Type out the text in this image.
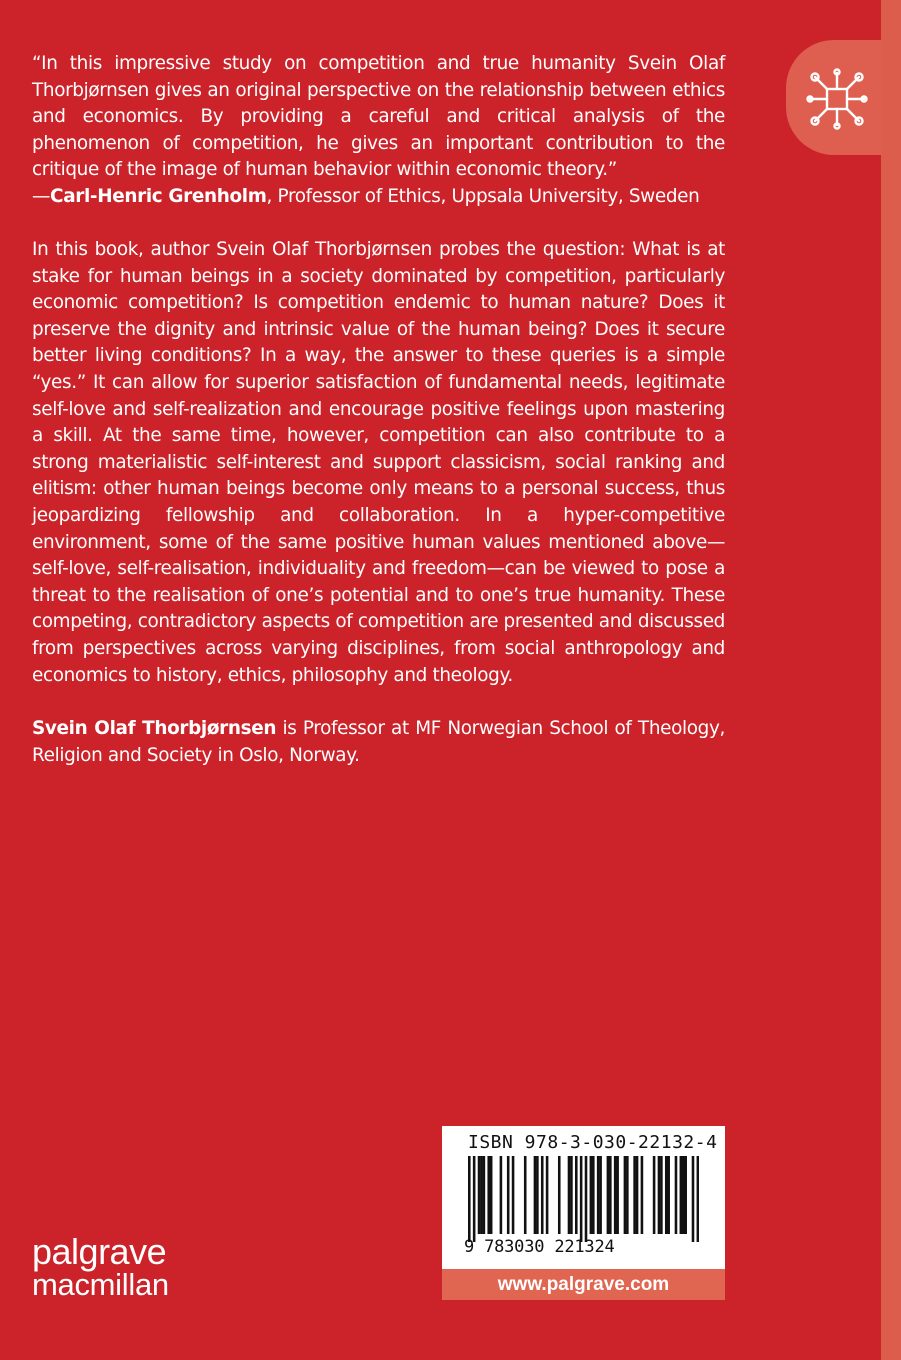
“In this impressive study on competition and true humanity Svein Olaf Thorbjørnsen gives an original perspective on the relationship between ethics and economics. By providing a careful and critical analysis of the phenomenon of competition, he gives an important contribution to the critique of the image of human behavior within economic theory.”
—Carl-Henric Grenholm, Professor of Ethics, Uppsala University, Sweden
In this book, author Svein Olaf Thorbjørnsen probes the question: What is at stake for human beings in a society dominated by competition, particularly economic competition? Is competition endemic to human nature? Does it preserve the dignity and intrinsic value of the human being? Does it secure better living conditions? In a way, the answer to these queries is a simple “yes.” It can allow for superior satisfaction of fundamental needs, legitimate self-love and self-realization and encourage positive feelings upon mastering a skill. At the same time, however, competition can also contribute to a strong materialistic self-interest and support classicism, social ranking and elitism: other human beings become only means to a personal success, thus jeopardizing fellowship and collaboration. In a hyper-competitive environment, some of the same positive human values mentioned above—self-love, self-realisation, individuality and freedom—can be viewed to pose a threat to the realisation of one’s potential and to one’s true humanity. These competing, contradictory aspects of competition are presented and discussed from perspectives across varying disciplines, from social anthropology and economics to history, ethics, philosophy and theology.
Svein Olaf Thorbjørnsen is Professor at MF Norwegian School of Theology, Religion and Society in Oslo, Norway.
ISBN 978-3-030-22132-4
9 783030 221324
www.palgrave.com
palgrave
macmillan
